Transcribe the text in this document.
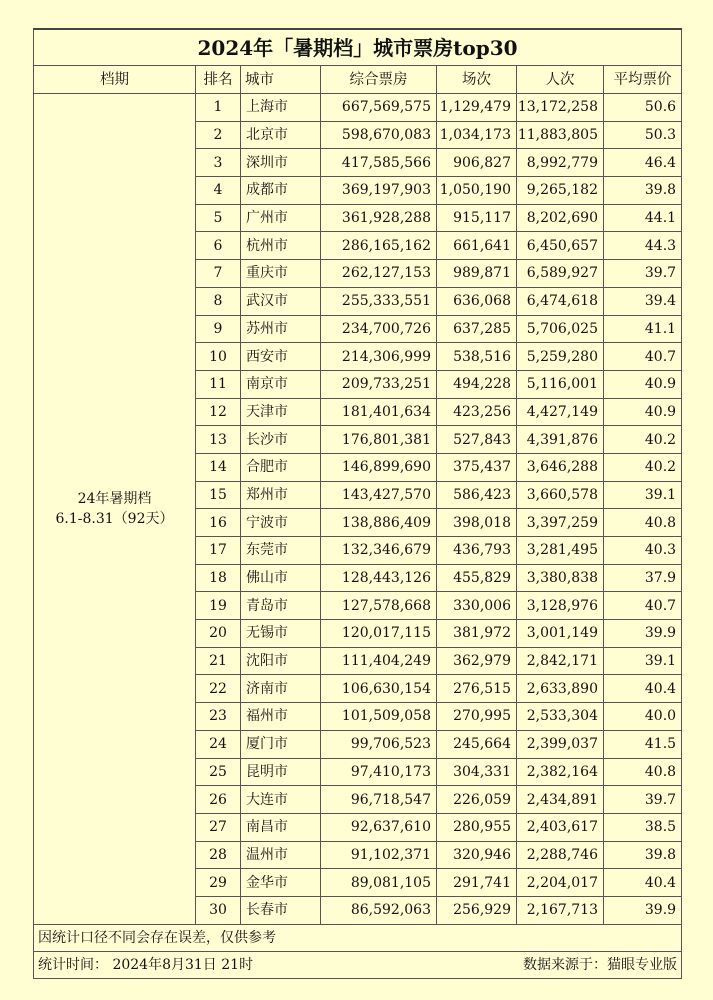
2024年「暑期档」城市票房top30						
档期	排名	城市	综合票房	场次	人次	平均票价

24年暑期档
6.1-8.31（92天）	1	上海市	667,569,575	1,129,479	13,172,258	50.6
	2	北京市	598,670,083	1,034,173	11,883,805	50.3
	3	深圳市	417,585,566	906,827	8,992,779	46.4
	4	成都市	369,197,903	1,050,190	9,265,182	39.8
	5	广州市	361,928,288	915,117	8,202,690	44.1
	6	杭州市	286,165,162	661,641	6,450,657	44.3
	7	重庆市	262,127,153	989,871	6,589,927	39.7
	8	武汉市	255,333,551	636,068	6,474,618	39.4
	9	苏州市	234,700,726	637,285	5,706,025	41.1
	10	西安市	214,306,999	538,516	5,259,280	40.7
	11	南京市	209,733,251	494,228	5,116,001	40.9
	12	天津市	181,401,634	423,256	4,427,149	40.9
	13	长沙市	176,801,381	527,843	4,391,876	40.2
	14	合肥市	146,899,690	375,437	3,646,288	40.2
	15	郑州市	143,427,570	586,423	3,660,578	39.1
	16	宁波市	138,886,409	398,018	3,397,259	40.8
	17	东莞市	132,346,679	436,793	3,281,495	40.3
	18	佛山市	128,443,126	455,829	3,380,838	37.9
	19	青岛市	127,578,668	330,006	3,128,976	40.7
	20	无锡市	120,017,115	381,972	3,001,149	39.9
	21	沈阳市	111,404,249	362,979	2,842,171	39.1
	22	济南市	106,630,154	276,515	2,633,890	40.4
	23	福州市	101,509,058	270,995	2,533,304	40.0
	24	厦门市	99,706,523	245,664	2,399,037	41.5
	25	昆明市	97,410,173	304,331	2,382,164	40.8
	26	大连市	96,718,547	226,059	2,434,891	39.7
	27	南昌市	92,637,610	280,955	2,403,617	38.5
	28	温州市	91,102,371	320,946	2,288,746	39.8
	29	金华市	89,081,105	291,741	2,204,017	40.4
	30	长春市	86,592,063	256,929	2,167,713	39.9
因统计口径不同会存在误差，仅供参考						

统计时间： 2024年8月31日 21时 数据来源于：猫眼专业版						
